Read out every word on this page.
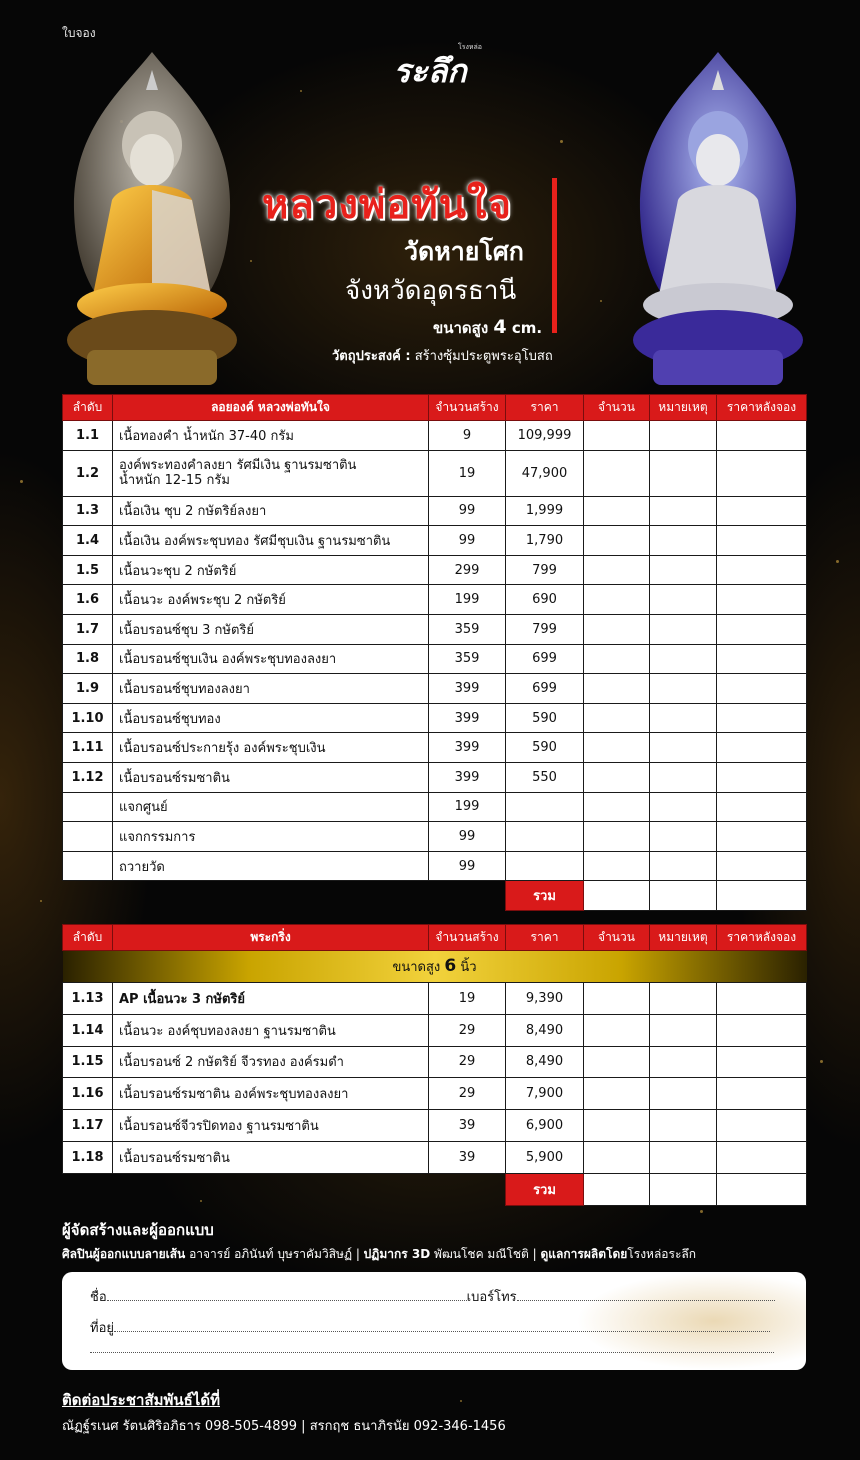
ใบจอง
โรงหล่อ
ระลึก
หลวงพ่อทันใจ
วัดหายโศก
จังหวัดอุดรธานี
ขนาดสูง 4 cm.
วัตถุประสงค์ : สร้างซุ้มประตูพระอุโบสถ
ลำดับ	ลอยองค์ หลวงพ่อทันใจ	จำนวนสร้าง	ราคา	จำนวน	หมายเหตุ	ราคาหลังจอง
1.1	เนื้อทองคำ น้ำหนัก 37-40 กรัม	9	109,999			
1.2	องค์พระทองคำลงยา รัศมีเงิน ฐานรมซาติน
น้ำหนัก 12-15 กรัม	19	47,900			
1.3	เนื้อเงิน ชุบ 2 กษัตริย์ลงยา	99	1,999			
1.4	เนื้อเงิน องค์พระชุบทอง รัศมีชุบเงิน ฐานรมซาติน	99	1,790			
1.5	เนื้อนวะชุบ 2 กษัตริย์	299	799			
1.6	เนื้อนวะ องค์พระชุบ 2 กษัตริย์	199	690			
1.7	เนื้อบรอนซ์ชุบ 3 กษัตริย์	359	799			
1.8	เนื้อบรอนซ์ชุบเงิน องค์พระชุบทองลงยา	359	699			
1.9	เนื้อบรอนซ์ชุบทองลงยา	399	699			
1.10	เนื้อบรอนซ์ชุบทอง	399	590			
1.11	เนื้อบรอนซ์ประกายรุ้ง องค์พระชุบเงิน	399	590			
1.12	เนื้อบรอนซ์รมซาติน	399	550			
	แจกศูนย์	199				
	แจกกรรมการ	99				
	ถวายวัด	99				
			รวม			
ลำดับ	พระกริ่ง	จำนวนสร้าง	ราคา	จำนวน	หมายเหตุ	ราคาหลังจอง
ขนาดสูง 6 นิ้ว						
1.13	AP เนื้อนวะ 3 กษัตริย์	19	9,390			
1.14	เนื้อนวะ องค์ชุบทองลงยา ฐานรมซาติน	29	8,490			
1.15	เนื้อบรอนซ์ 2 กษัตริย์ จีวรทอง องค์รมดำ	29	8,490			
1.16	เนื้อบรอนซ์รมซาติน องค์พระชุบทองลงยา	29	7,900			
1.17	เนื้อบรอนซ์จีวรปิดทอง ฐานรมซาติน	39	6,900			
1.18	เนื้อบรอนซ์รมซาติน	39	5,900			
			รวม			
ผู้จัดสร้างและผู้ออกแบบ
ศิลปินผู้ออกแบบลายเส้น อาจารย์ อภินันท์ บุษราคัมวิสิษฏ์ | ปฏิมากร 3D พัฒนโชค มณีโชติ | ดูแลการผลิตโดยโรงหล่อระลึก
ชื่อ	เบอร์โทร
ที่อยู่
ติดต่อประชาสัมพันธ์ได้ที่
ณัฏฐ์รเนศ รัตนศิริอภิธาร 098-505-4899 | สรกฤช ธนาภิรนัย 092-346-1456
